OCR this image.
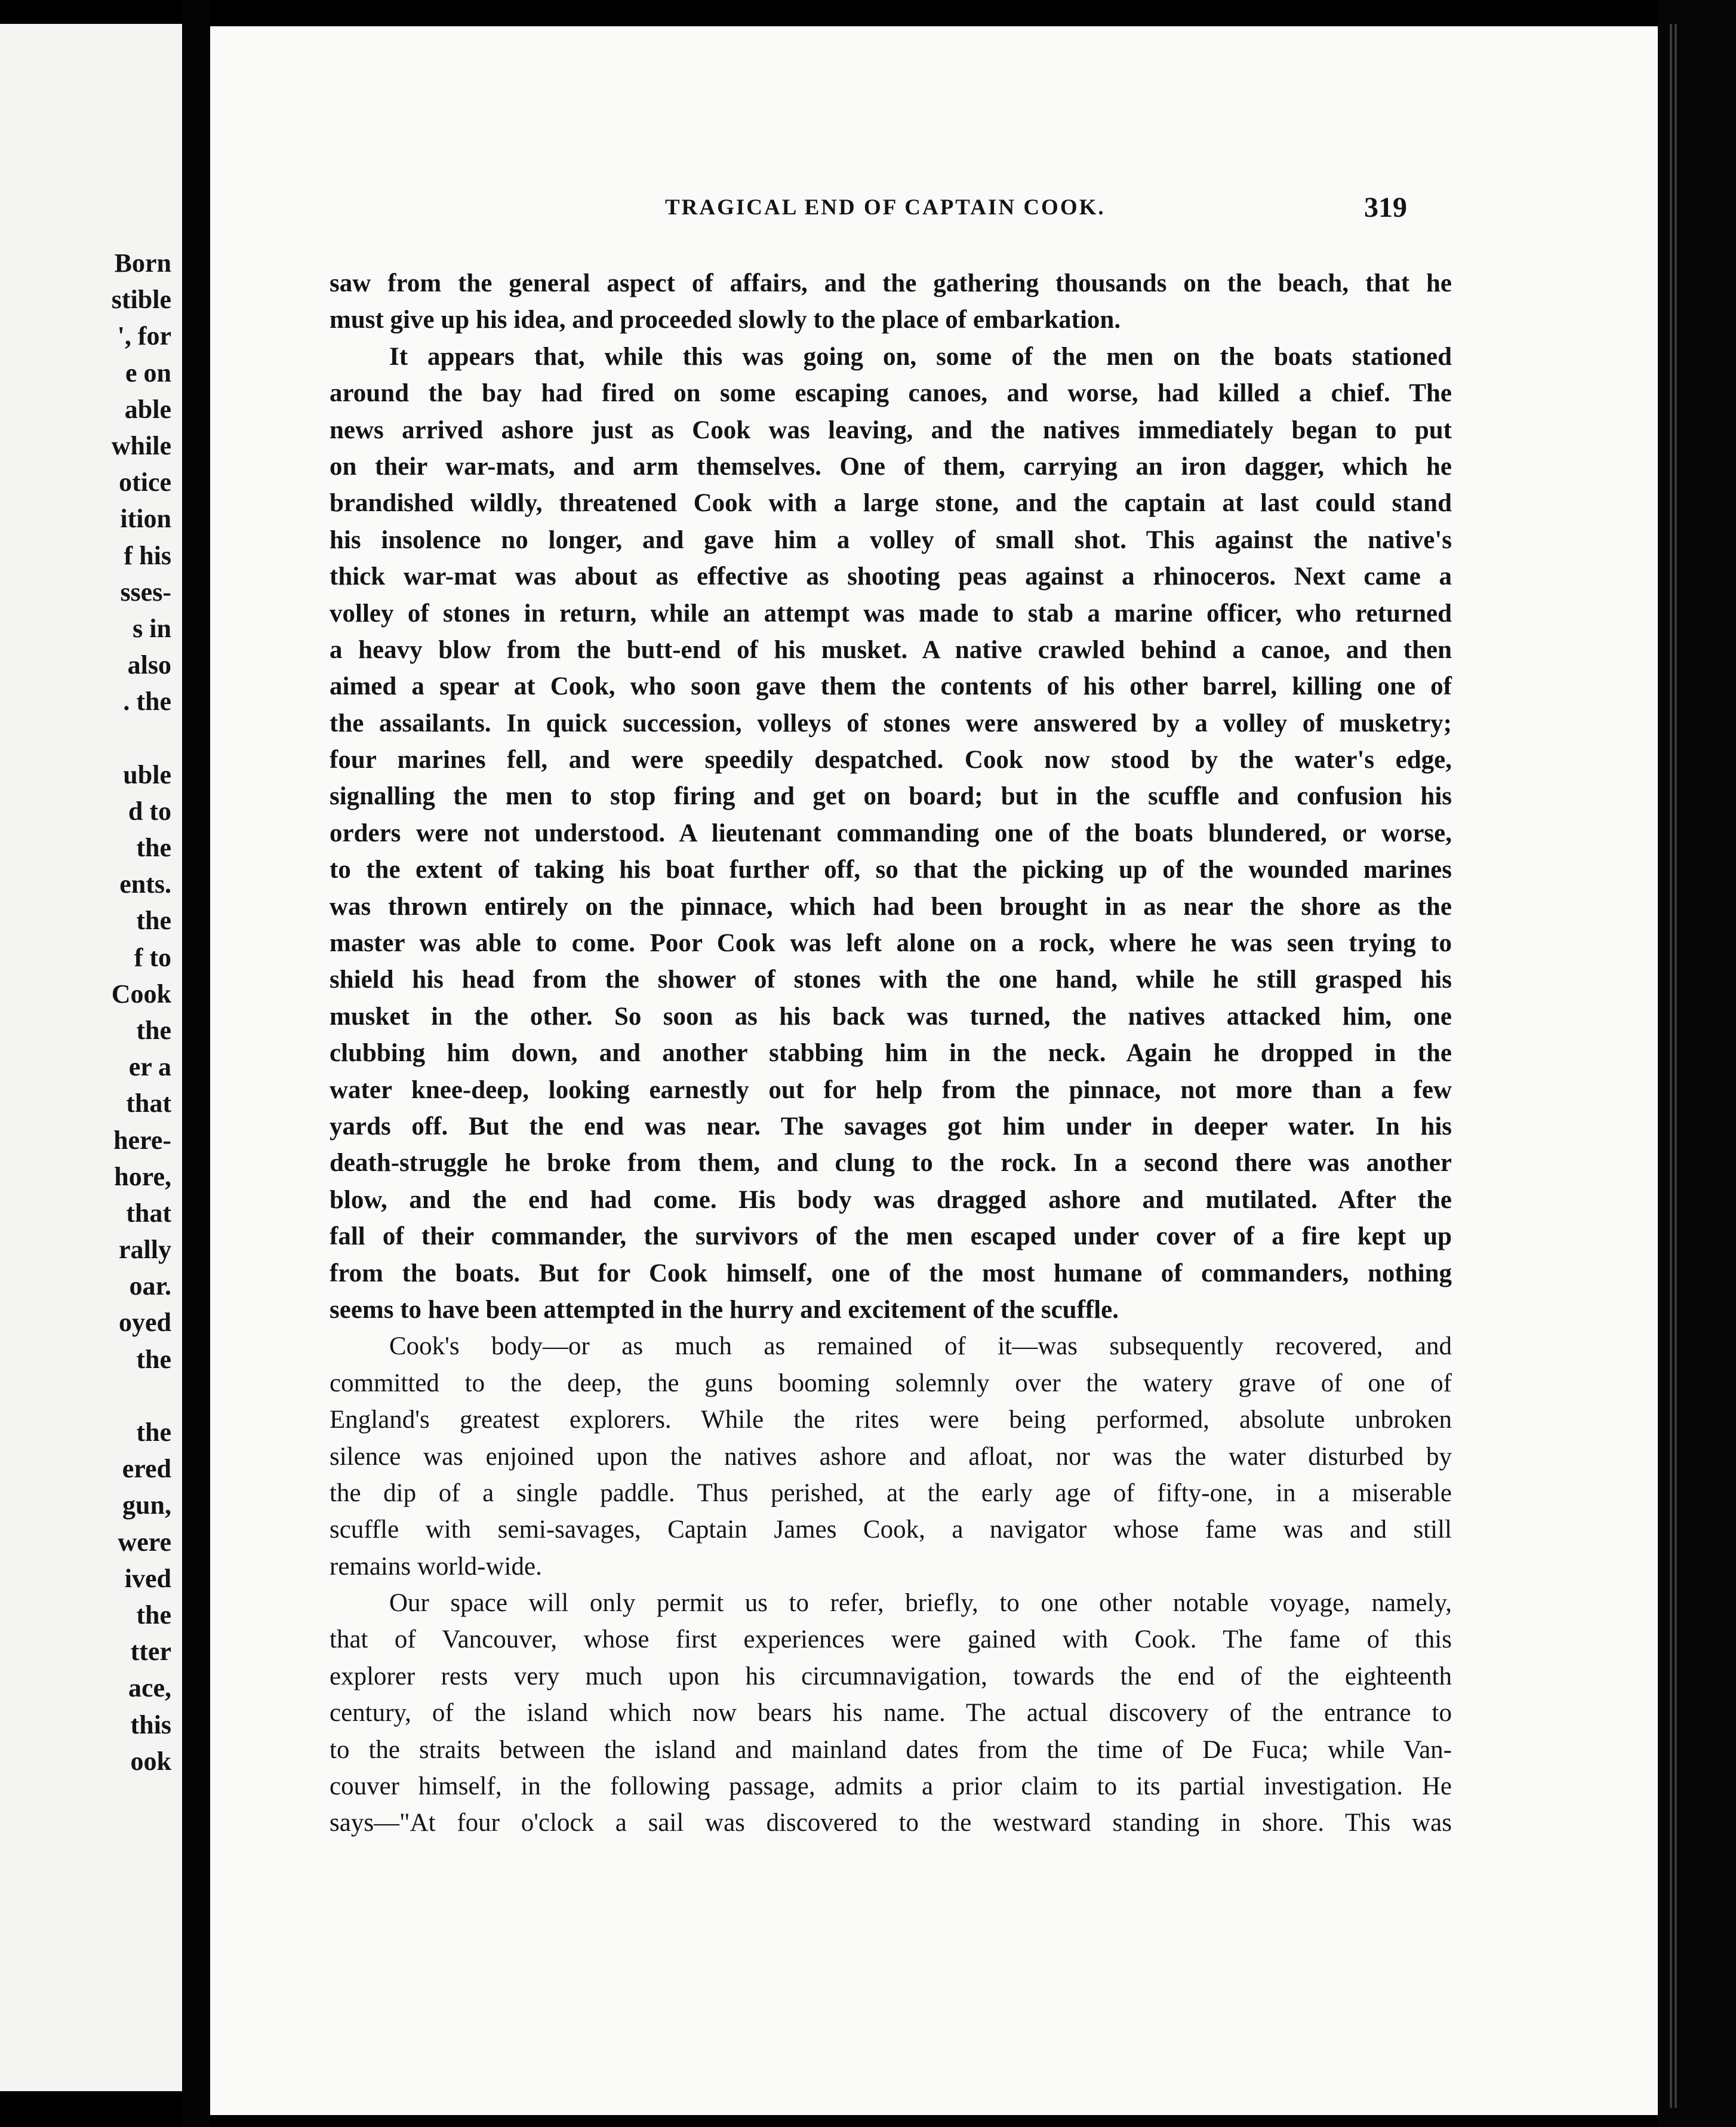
Born
stible
', for
e on
able
while
otice
ition
f his
sses-
s in
also
. the
uble
d to
the
ents.
the
f to
Cook
the
er a
that
here-
hore,
that
rally
oar.
oyed
the
the
ered
gun,
were
ived
the
tter
ace,
this
ook
TRAGICAL END OF CAPTAIN COOK.	319

saw from the general aspect of affairs, and the gathering thousands on the beach, that he
must give up his idea, and proceeded slowly to the place of embarkation.

It appears that, while this was going on, some of the men on the boats stationed
around the bay had fired on some escaping canoes, and worse, had killed a chief. The
news arrived ashore just as Cook was leaving, and the natives immediately began to put
on their war-mats, and arm themselves. One of them, carrying an iron dagger, which he
brandished wildly, threatened Cook with a large stone, and the captain at last could stand
his insolence no longer, and gave him a volley of small shot. This against the native's
thick war-mat was about as effective as shooting peas against a rhinoceros. Next came a
volley of stones in return, while an attempt was made to stab a marine officer, who returned
a heavy blow from the butt-end of his musket. A native crawled behind a canoe, and then
aimed a spear at Cook, who soon gave them the contents of his other barrel, killing one of
the assailants. In quick succession, volleys of stones were answered by a volley of musketry;
four marines fell, and were speedily despatched. Cook now stood by the water's edge,
signalling the men to stop firing and get on board; but in the scuffle and confusion his
orders were not understood. A lieutenant commanding one of the boats blundered, or worse,
to the extent of taking his boat further off, so that the picking up of the wounded marines
was thrown entirely on the pinnace, which had been brought in as near the shore as the
master was able to come. Poor Cook was left alone on a rock, where he was seen trying to
shield his head from the shower of stones with the one hand, while he still grasped his
musket in the other. So soon as his back was turned, the natives attacked him, one
clubbing him down, and another stabbing him in the neck. Again he dropped in the
water knee-deep, looking earnestly out for help from the pinnace, not more than a few
yards off. But the end was near. The savages got him under in deeper water. In his
death-struggle he broke from them, and clung to the rock. In a second there was another
blow, and the end had come. His body was dragged ashore and mutilated. After the
fall of their commander, the survivors of the men escaped under cover of a fire kept up
from the boats. But for Cook himself, one of the most humane of commanders, nothing
seems to have been attempted in the hurry and excitement of the scuffle.

Cook's body—or as much as remained of it—was subsequently recovered, and
committed to the deep, the guns booming solemnly over the watery grave of one of
England's greatest explorers. While the rites were being performed, absolute unbroken
silence was enjoined upon the natives ashore and afloat, nor was the water disturbed by
the dip of a single paddle. Thus perished, at the early age of fifty-one, in a miserable
scuffle with semi-savages, Captain James Cook, a navigator whose fame was and still
remains world-wide.

Our space will only permit us to refer, briefly, to one other notable voyage, namely,
that of Vancouver, whose first experiences were gained with Cook. The fame of this
explorer rests very much upon his circumnavigation, towards the end of the eighteenth
century, of the island which now bears his name. The actual discovery of the entrance to
to the straits between the island and mainland dates from the time of De Fuca; while Van-
couver himself, in the following passage, admits a prior claim to its partial investigation. He
says—"At four o'clock a sail was discovered to the westward standing in shore. This was
